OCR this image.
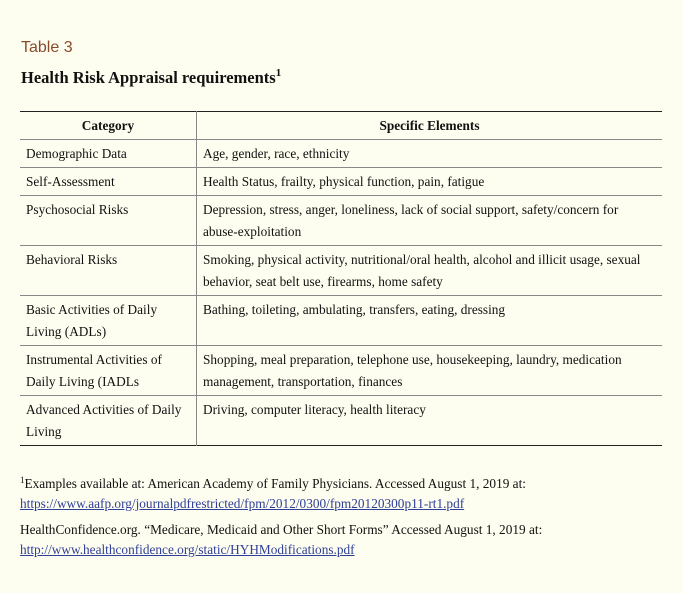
Table 3
Health Risk Appraisal requirements$^1$
Category	Specific Elements
Demographic Data	Age, gender, race, ethnicity
Self-Assessment	Health Status, frailty, physical function, pain, fatigue
Psychosocial Risks	Depression, stress, anger, loneliness, lack of social support, safety/concern for abuse-exploitation
Behavioral Risks	Smoking, physical activity, nutritional/oral health, alcohol and illicit usage, sexual behavior, seat belt use, firearms, home safety
Basic Activities of Daily Living (ADLs)	Bathing, toileting, ambulating, transfers, eating, dressing
Instrumental Activities of Daily Living (IADLs	Shopping, meal preparation, telephone use, housekeeping, laundry, medication management, transportation, finances
Advanced Activities of Daily Living	Driving, computer literacy, health literacy
$^1$Examples available at: American Academy of Family Physicians. Accessed August 1, 2019 at:
https://www.aafp.org/journalpdfrestricted/fpm/2012/0300/fpm20120300p11-rt1.pdf
HealthConfidence.org. “Medicare, Medicaid and Other Short Forms” Accessed August 1, 2019 at:
http://www.healthconfidence.org/static/HYHModifications.pdf
